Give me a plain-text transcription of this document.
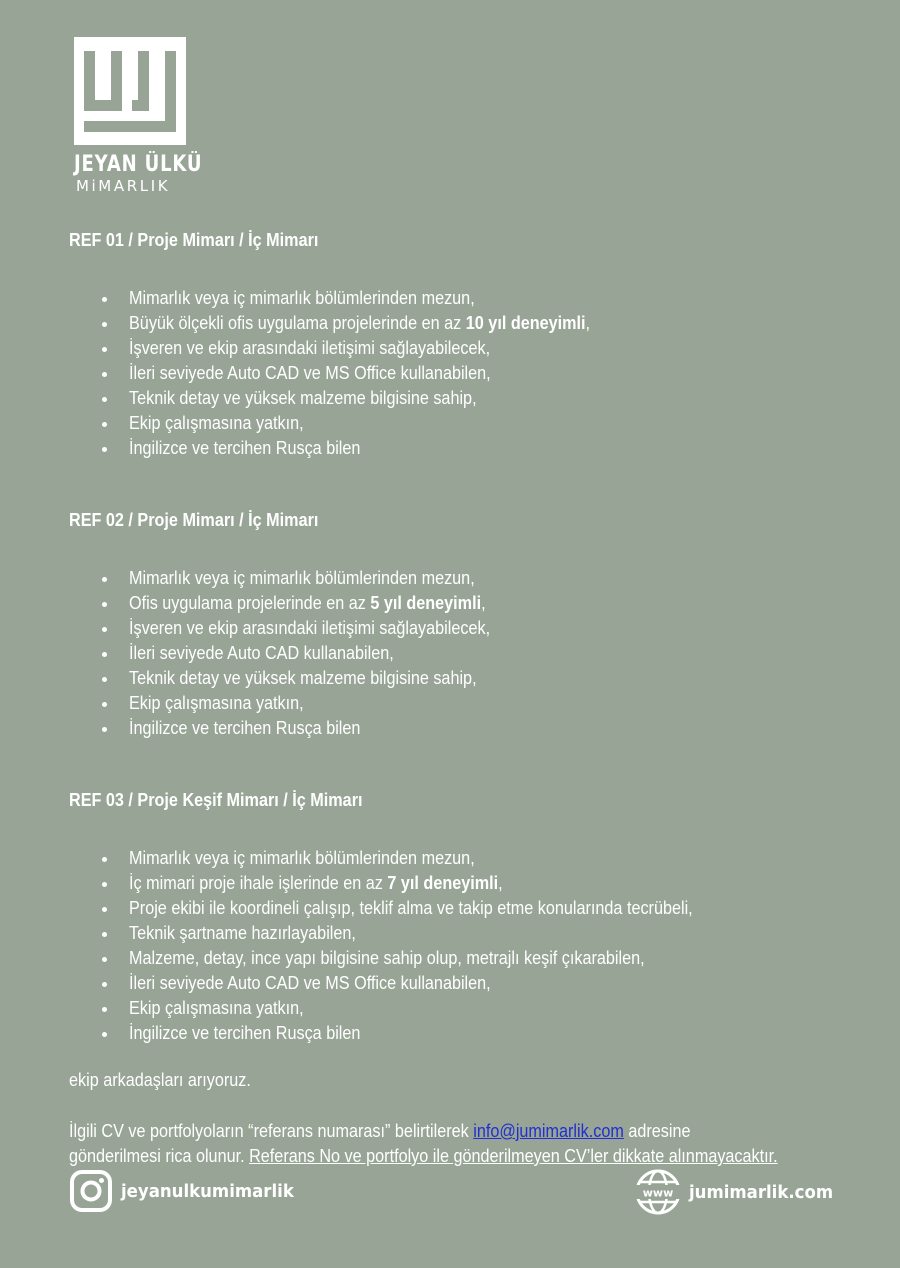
JEYAN ÜLKÜ
MiMARLIK
REF 01 / Proje Mimarı / İç Mimarı
Mimarlık veya iç mimarlık bölümlerinden mezun,
Büyük ölçekli ofis uygulama projelerinde en az 10 yıl deneyimli,
İşveren ve ekip arasındaki iletişimi sağlayabilecek,
İleri seviyede Auto CAD ve MS Office kullanabilen,
Teknik detay ve yüksek malzeme bilgisine sahip,
Ekip çalışmasına yatkın,
İngilizce ve tercihen Rusça bilen
REF 02 / Proje Mimarı / İç Mimarı
Mimarlık veya iç mimarlık bölümlerinden mezun,
Ofis uygulama projelerinde en az 5 yıl deneyimli,
İşveren ve ekip arasındaki iletişimi sağlayabilecek,
İleri seviyede Auto CAD kullanabilen,
Teknik detay ve yüksek malzeme bilgisine sahip,
Ekip çalışmasına yatkın,
İngilizce ve tercihen Rusça bilen
REF 03 / Proje Keşif Mimarı / İç Mimarı
Mimarlık veya iç mimarlık bölümlerinden mezun,
İç mimari proje ihale işlerinde en az 7 yıl deneyimli,
Proje ekibi ile koordineli çalışıp, teklif alma ve takip etme konularında tecrübeli,
Teknik şartname hazırlayabilen,
Malzeme, detay, ince yapı bilgisine sahip olup, metrajlı keşif çıkarabilen,
İleri seviyede Auto CAD ve MS Office kullanabilen,
Ekip çalışmasına yatkın,
İngilizce ve tercihen Rusça bilen
ekip arkadaşları arıyoruz.
İlgili CV ve portfolyoların “referans numarası” belirtilerek info@jumimarlik.com adresine
gönderilmesi rica olunur. Referans No ve portfolyo ile gönderilmeyen CV’ler dikkate alınmayacaktır.
jeyanulkumimarlik	www jumimarlik.com
